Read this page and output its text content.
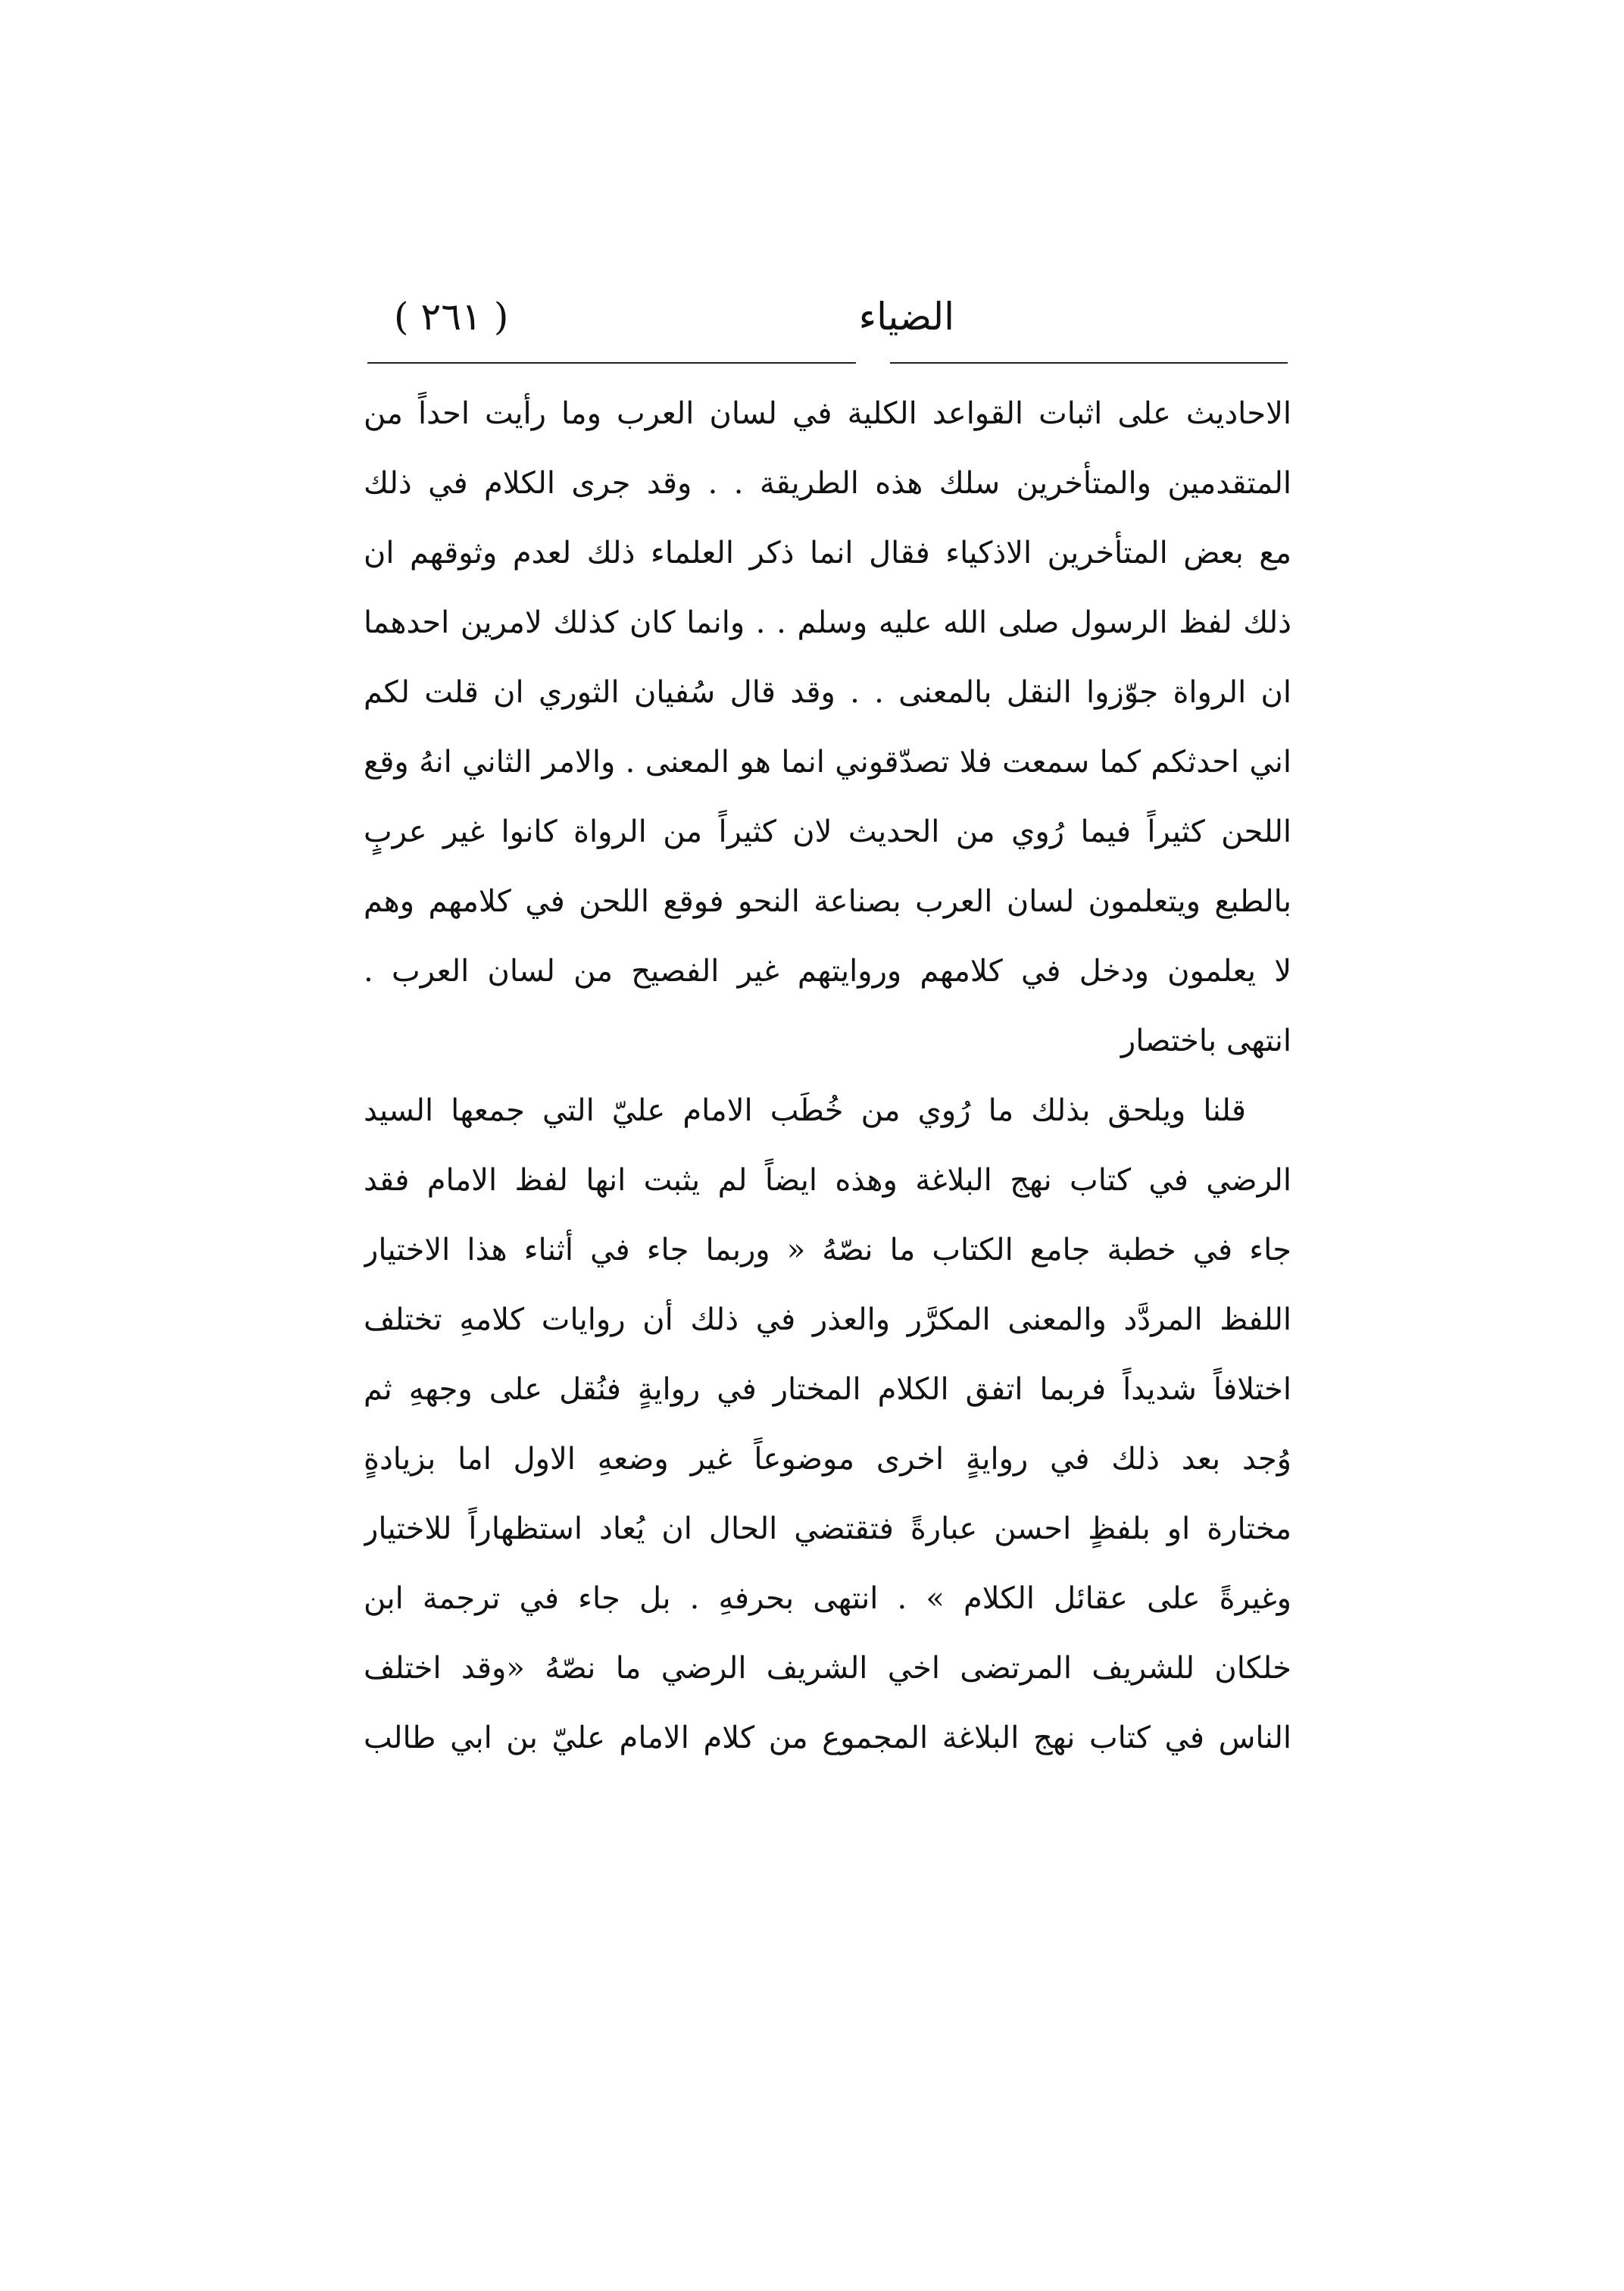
الضياء
( ٢٦١ )
الاحاديث على اثبات القواعد الكلية في لسان العرب وما رأيت احداً من
المتقدمين والمتأخرين سلك هذه الطريقة . . وقد جرى الكلام في ذلك
مع بعض المتأخرين الاذكياء فقال انما ذكر العلماء ذلك لعدم وثوقهم ان
ذلك لفظ الرسول صلى الله عليه وسلم . . وانما كان كذلك لامرين احدهما
ان الرواة جوّزوا النقل بالمعنى . . وقد قال سُفيان الثوري ان قلت لكم
اني احدثكم كما سمعت فلا تصدّقوني انما هو المعنى . والامر الثاني انهُ وقع
اللحن كثيراً فيما رُوي من الحديث لان كثيراً من الرواة كانوا غير عربٍ
بالطبع ويتعلمون لسان العرب بصناعة النحو فوقع اللحن في كلامهم وهم
لا يعلمون ودخل في كلامهم وروايتهم غير الفصيح من لسان العرب .
انتهى باختصار
قلنا ويلحق بذلك ما رُوي من خُطَب الامام عليّ التي جمعها السيد
الرضي في كتاب نهج البلاغة وهذه ايضاً لم يثبت انها لفظ الامام فقد
جاء في خطبة جامع الكتاب ما نصّهُ « وربما جاء في أثناء هذا الاختيار
اللفظ المردَّد والمعنى المكرَّر والعذر في ذلك أن روايات كلامهِ تختلف
اختلافاً شديداً فربما اتفق الكلام المختار في روايةٍ فنُقل على وجههِ ثم
وُجد بعد ذلك في روايةٍ اخرى موضوعاً غير وضعهِ الاول اما بزيادةٍ
مختارة او بلفظٍ احسن عبارةً فتقتضي الحال ان يُعاد استظهاراً للاختيار
وغيرةً على عقائل الكلام » . انتهى بحرفهِ . بل جاء في ترجمة ابن
خلكان للشريف المرتضى اخي الشريف الرضي ما نصّهُ «وقد اختلف
الناس في كتاب نهج البلاغة المجموع من كلام الامام عليّ بن ابي طالب
